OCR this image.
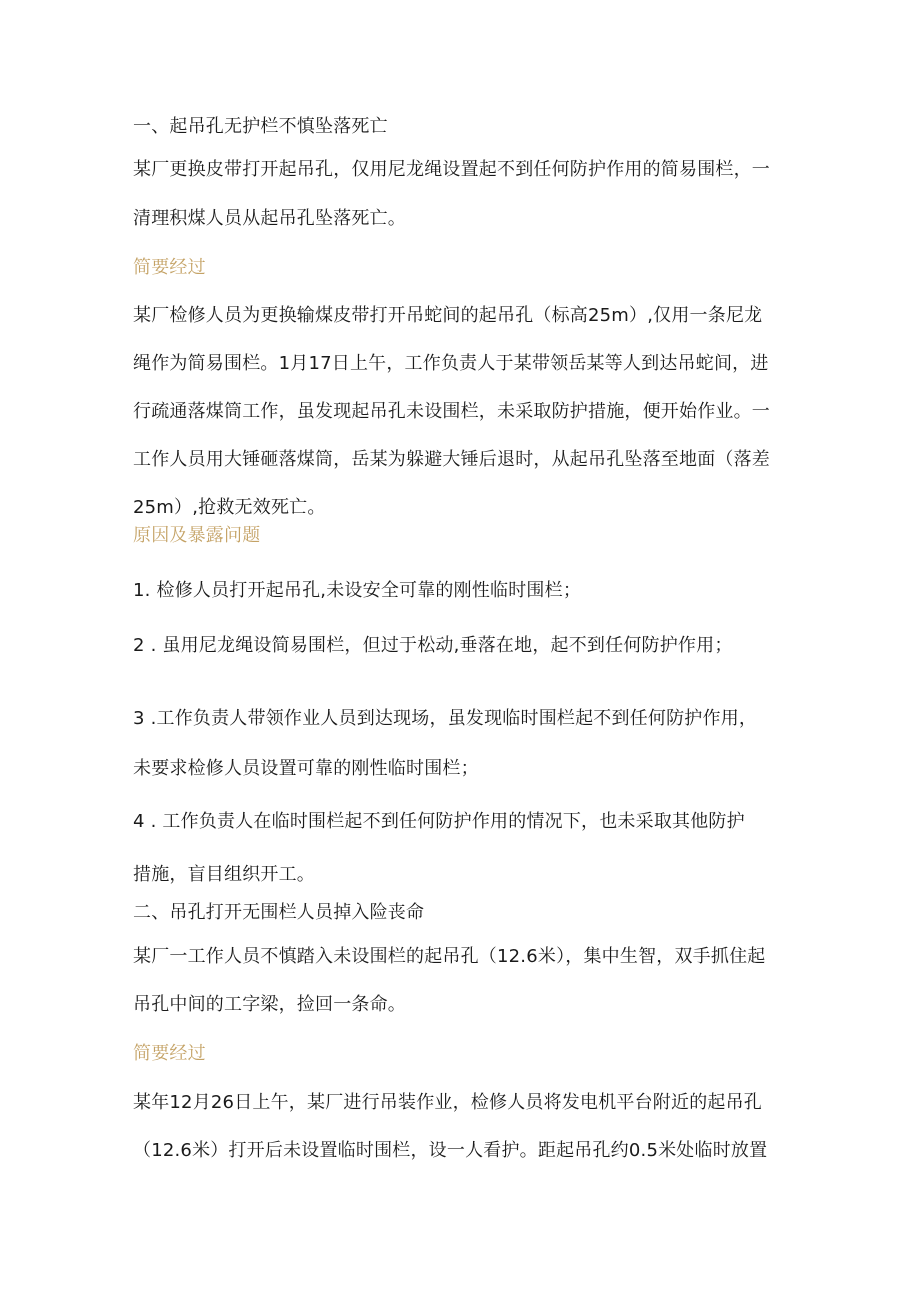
一、起吊孔无护栏不慎坠落死亡
某厂更换皮带打开起吊孔，仅用尼龙绳设置起不到任何防护作用的简易围栏，一
清理积煤人员从起吊孔坠落死亡。
简要经过
某厂检修人员为更换输煤皮带打开吊蛇间的起吊孔（标高25m）,仅用一条尼龙
绳作为简易围栏。1月17日上午，工作负责人于某带领岳某等人到达吊蛇间，进
行疏通落煤筒工作，虽发现起吊孔未设围栏，未采取防护措施，便开始作业。一
工作人员用大锤砸落煤筒，岳某为躲避大锤后退时，从起吊孔坠落至地面（落差
25m）,抢救无效死亡。
原因及暴露问题
1. 检修人员打开起吊孔,未设安全可靠的刚性临时围栏；
2 . 虽用尼龙绳设简易围栏，但过于松动,垂落在地，起不到任何防护作用；
3 .工作负责人带领作业人员到达现场，虽发现临时围栏起不到任何防护作用，
未要求检修人员设置可靠的刚性临时围栏；
4 . 工作负责人在临时围栏起不到任何防护作用的情况下，也未采取其他防护
措施，盲目组织开工。
二、吊孔打开无围栏人员掉入险丧命
某厂一工作人员不慎踏入未设围栏的起吊孔（12.6米），集中生智，双手抓住起
吊孔中间的工字梁，捡回一条命。
简要经过
某年12月26日上午，某厂进行吊装作业，检修人员将发电机平台附近的起吊孔
（12.6米）打开后未设置临时围栏，设一人看护。距起吊孔约0.5米处临时放置
